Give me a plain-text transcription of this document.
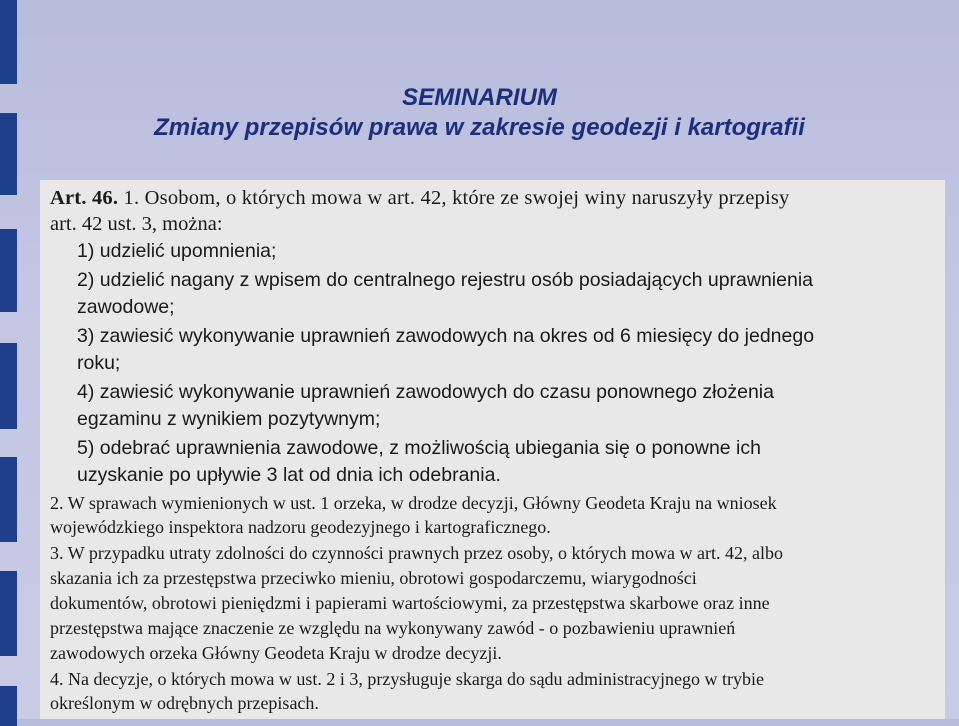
SEMINARIUM
Zmiany przepisów prawa w zakresie geodezji i kartografii
Art. 46. 1. Osobom, o których mowa w art. 42, które ze swojej winy naruszyły przepisy
art. 42 ust. 3, można:
1) udzielić upomnienia;
2) udzielić nagany z wpisem do centralnego rejestru osób posiadających uprawnienia
zawodowe;
3) zawiesić wykonywanie uprawnień zawodowych na okres od 6 miesięcy do jednego
roku;
4) zawiesić wykonywanie uprawnień zawodowych do czasu ponownego złożenia
egzaminu z wynikiem pozytywnym;
5) odebrać uprawnienia zawodowe, z możliwością ubiegania się o ponowne ich
uzyskanie po upływie 3 lat od dnia ich odebrania.
2. W sprawach wymienionych w ust. 1 orzeka, w drodze decyzji, Główny Geodeta Kraju na wniosek
wojewódzkiego inspektora nadzoru geodezyjnego i kartograficznego.
3. W przypadku utraty zdolności do czynności prawnych przez osoby, o których mowa w art. 42, albo
skazania ich za przestępstwa przeciwko mieniu, obrotowi gospodarczemu, wiarygodności
dokumentów, obrotowi pieniędzmi i papierami wartościowymi, za przestępstwa skarbowe oraz inne
przestępstwa mające znaczenie ze względu na wykonywany zawód - o pozbawieniu uprawnień
zawodowych orzeka Główny Geodeta Kraju w drodze decyzji.
4. Na decyzje, o których mowa w ust. 2 i 3, przysługuje skarga do sądu administracyjnego w trybie
określonym w odrębnych przepisach.
